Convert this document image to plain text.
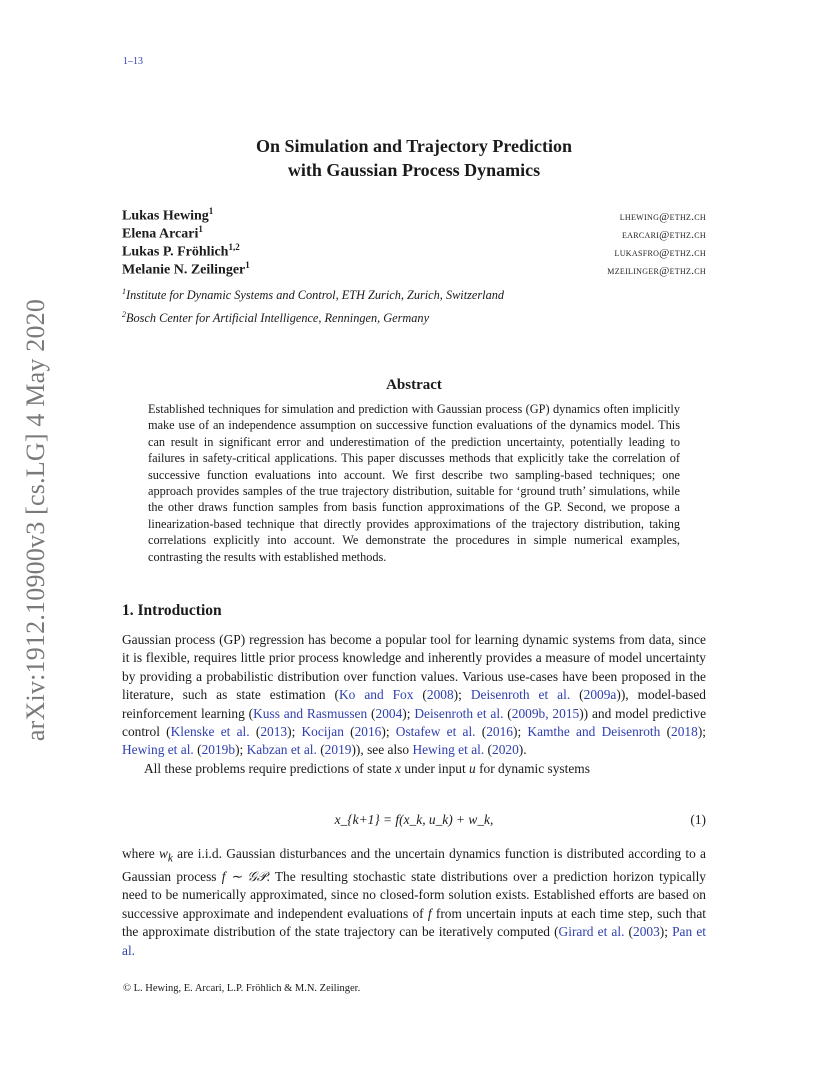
1–13
On Simulation and Trajectory Prediction
with Gaussian Process Dynamics
Lukas Hewing$^1$	lhewing@ethz.ch
Elena Arcari$^1$	earcari@ethz.ch
Lukas P. Fröhlich$^{1,2}$	lukasfro@ethz.ch
Melanie N. Zeilinger$^1$	mzeilinger@ethz.ch
$^1$Institute for Dynamic Systems and Control, ETH Zurich, Zurich, Switzerland
$^2$Bosch Center for Artificial Intelligence, Renningen, Germany
arXiv:1912.10900v3 [cs.LG] 4 May 2020	Abstract
Established techniques for simulation and prediction with Gaussian process (GP) dynamics often implicitly make use of an independence assumption on successive function evaluations of the dynamics model. This can result in significant error and underestimation of the prediction uncertainty, potentially leading to failures in safety-critical applications. This paper discusses methods that explicitly take the correlation of successive function evaluations into account. We first describe two sampling-based techniques; one approach provides samples of the true trajectory distribution, suitable for ‘ground truth’ simulations, while the other draws function samples from basis function approximations of the GP. Second, we propose a linearization-based technique that directly provides approximations of the trajectory distribution, taking correlations explicitly into account. We demonstrate the procedures in simple numerical examples, contrasting the results with established methods.
1. Introduction

Gaussian process (GP) regression has become a popular tool for learning dynamic systems from data, since it is flexible, requires little prior process knowledge and inherently provides a measure of model uncertainty by providing a probabilistic distribution over function values. Various use-cases have been proposed in the literature, such as state estimation (Ko and Fox (2008); Deisenroth et al. (2009a)), model-based reinforcement learning (Kuss and Rasmussen (2004); Deisenroth et al. (2009b, 2015)) and model predictive control (Klenske et al. (2013); Kocijan (2016); Ostafew et al. (2016); Kamthe and Deisenroth (2018); Hewing et al. (2019b); Kabzan et al. (2019)), see also Hewing et al. (2020).

All these problems require predictions of state x under input u for dynamic systems

x_{k+1} = f(x_k, u_k) + w_k,	(1)
where $w_k$ are i.i.d. Gaussian disturbances and the uncertain dynamics function is distributed according to a Gaussian process f ∼ 𝒢𝒫. The resulting stochastic state distributions over a prediction horizon typically need to be numerically approximated, since no closed-form solution exists. Established efforts are based on successive approximate and independent evaluations of f from uncertain inputs at each time step, such that the approximate distribution of the state trajectory can be iteratively computed (Girard et al. (2003); Pan et al.
© L. Hewing, E. Arcari, L.P. Fröhlich & M.N. Zeilinger.
